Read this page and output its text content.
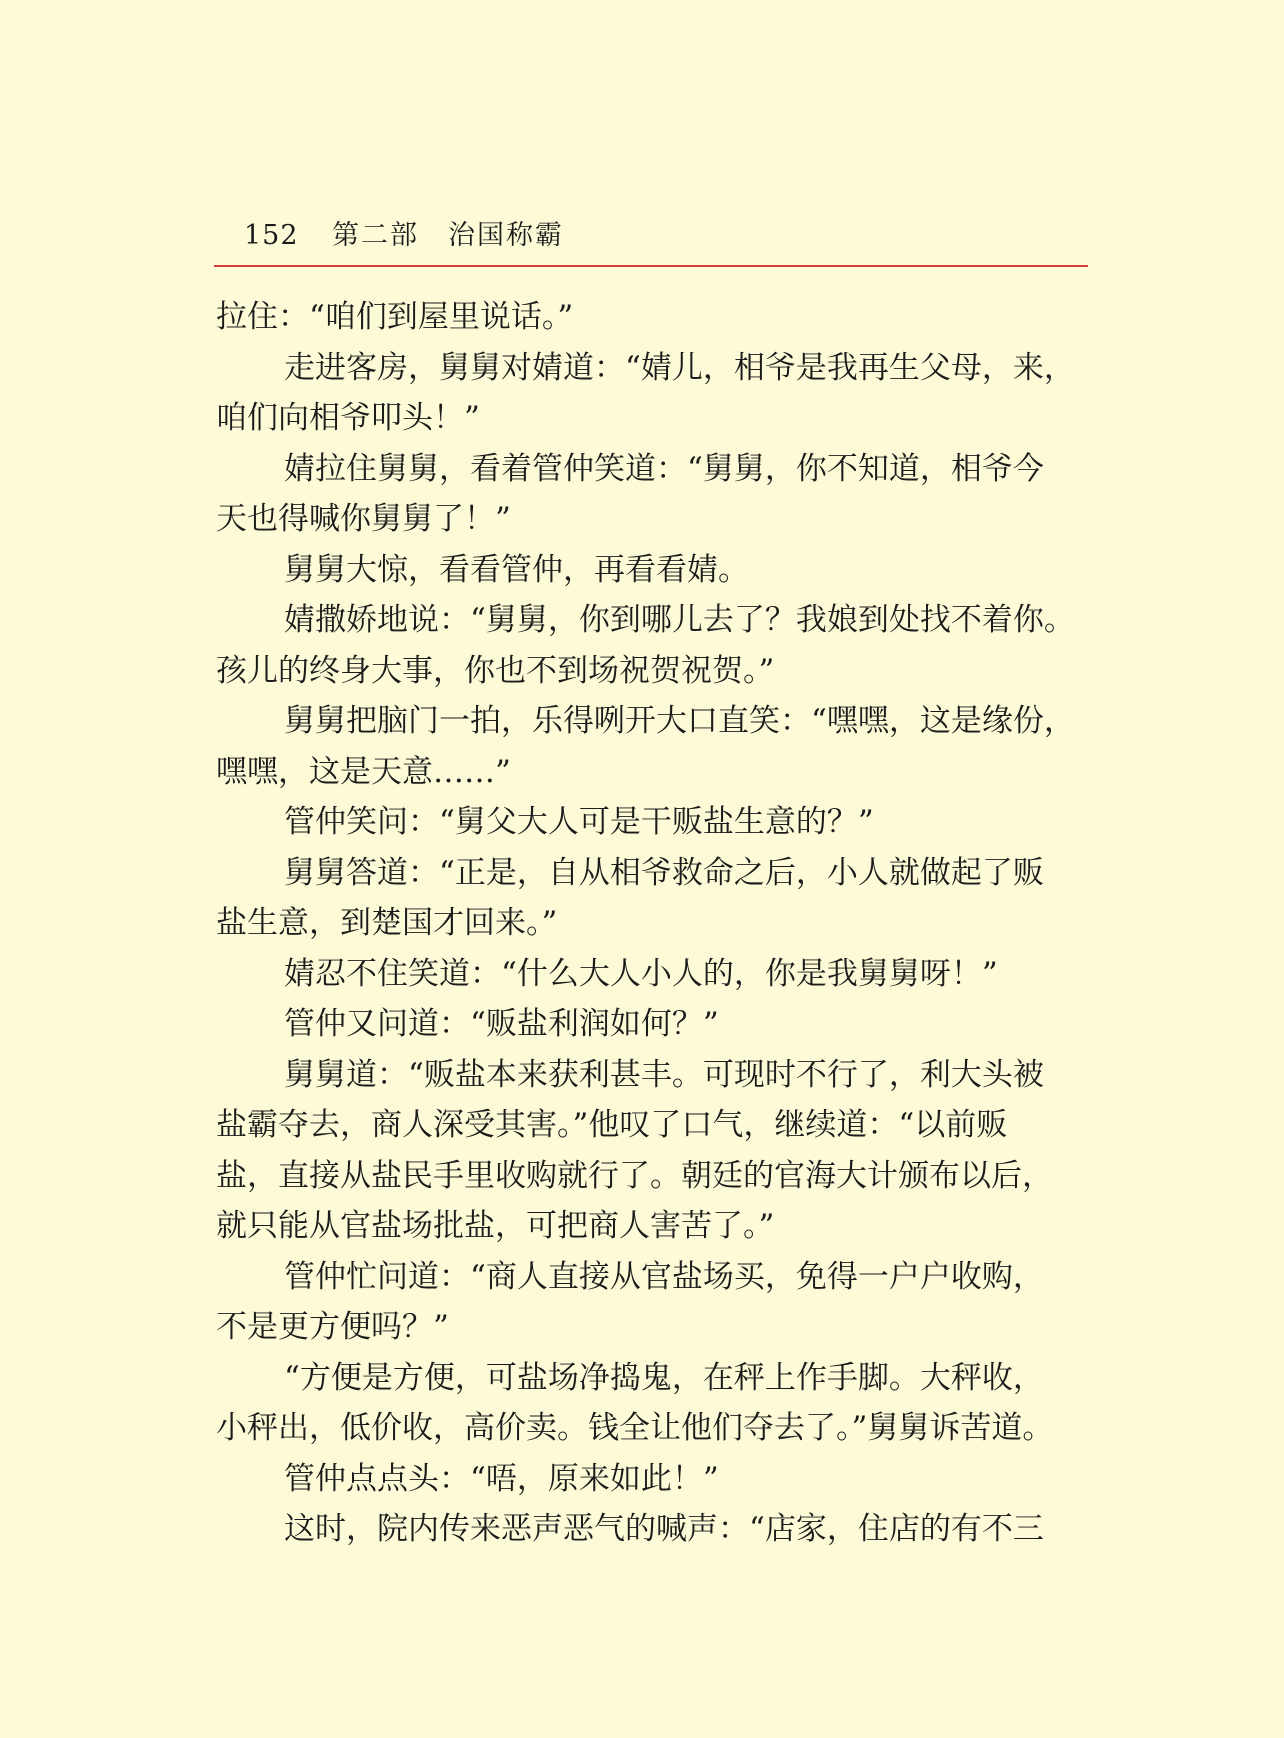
152 第二部 治国称霸
拉住：“咱们到屋里说话。”
走进客房，舅舅对婧道：“婧儿，相爷是我再生父母，来，
咱们向相爷叩头！”
婧拉住舅舅，看着管仲笑道：“舅舅，你不知道，相爷今
天也得喊你舅舅了！”
舅舅大惊，看看管仲，再看看婧。
婧撒娇地说：“舅舅，你到哪儿去了？我娘到处找不着你。
孩儿的终身大事，你也不到场祝贺祝贺。”
舅舅把脑门一拍，乐得咧开大口直笑：“嘿嘿，这是缘份，
嘿嘿，这是天意……”
管仲笑问：“舅父大人可是干贩盐生意的？”
舅舅答道：“正是，自从相爷救命之后，小人就做起了贩
盐生意，到楚国才回来。”
婧忍不住笑道：“什么大人小人的，你是我舅舅呀！”
管仲又问道：“贩盐利润如何？”
舅舅道：“贩盐本来获利甚丰。可现时不行了，利大头被
盐霸夺去，商人深受其害。”他叹了口气，继续道：“以前贩
盐，直接从盐民手里收购就行了。朝廷的官海大计颁布以后，
就只能从官盐场批盐，可把商人害苦了。”
管仲忙问道：“商人直接从官盐场买，免得一户户收购，
不是更方便吗？”
“方便是方便，可盐场净捣鬼，在秤上作手脚。大秤收，
小秤出，低价收，高价卖。钱全让他们夺去了。”舅舅诉苦道。
管仲点点头：“唔，原来如此！”
这时，院内传来恶声恶气的喊声：“店家，住店的有不三
